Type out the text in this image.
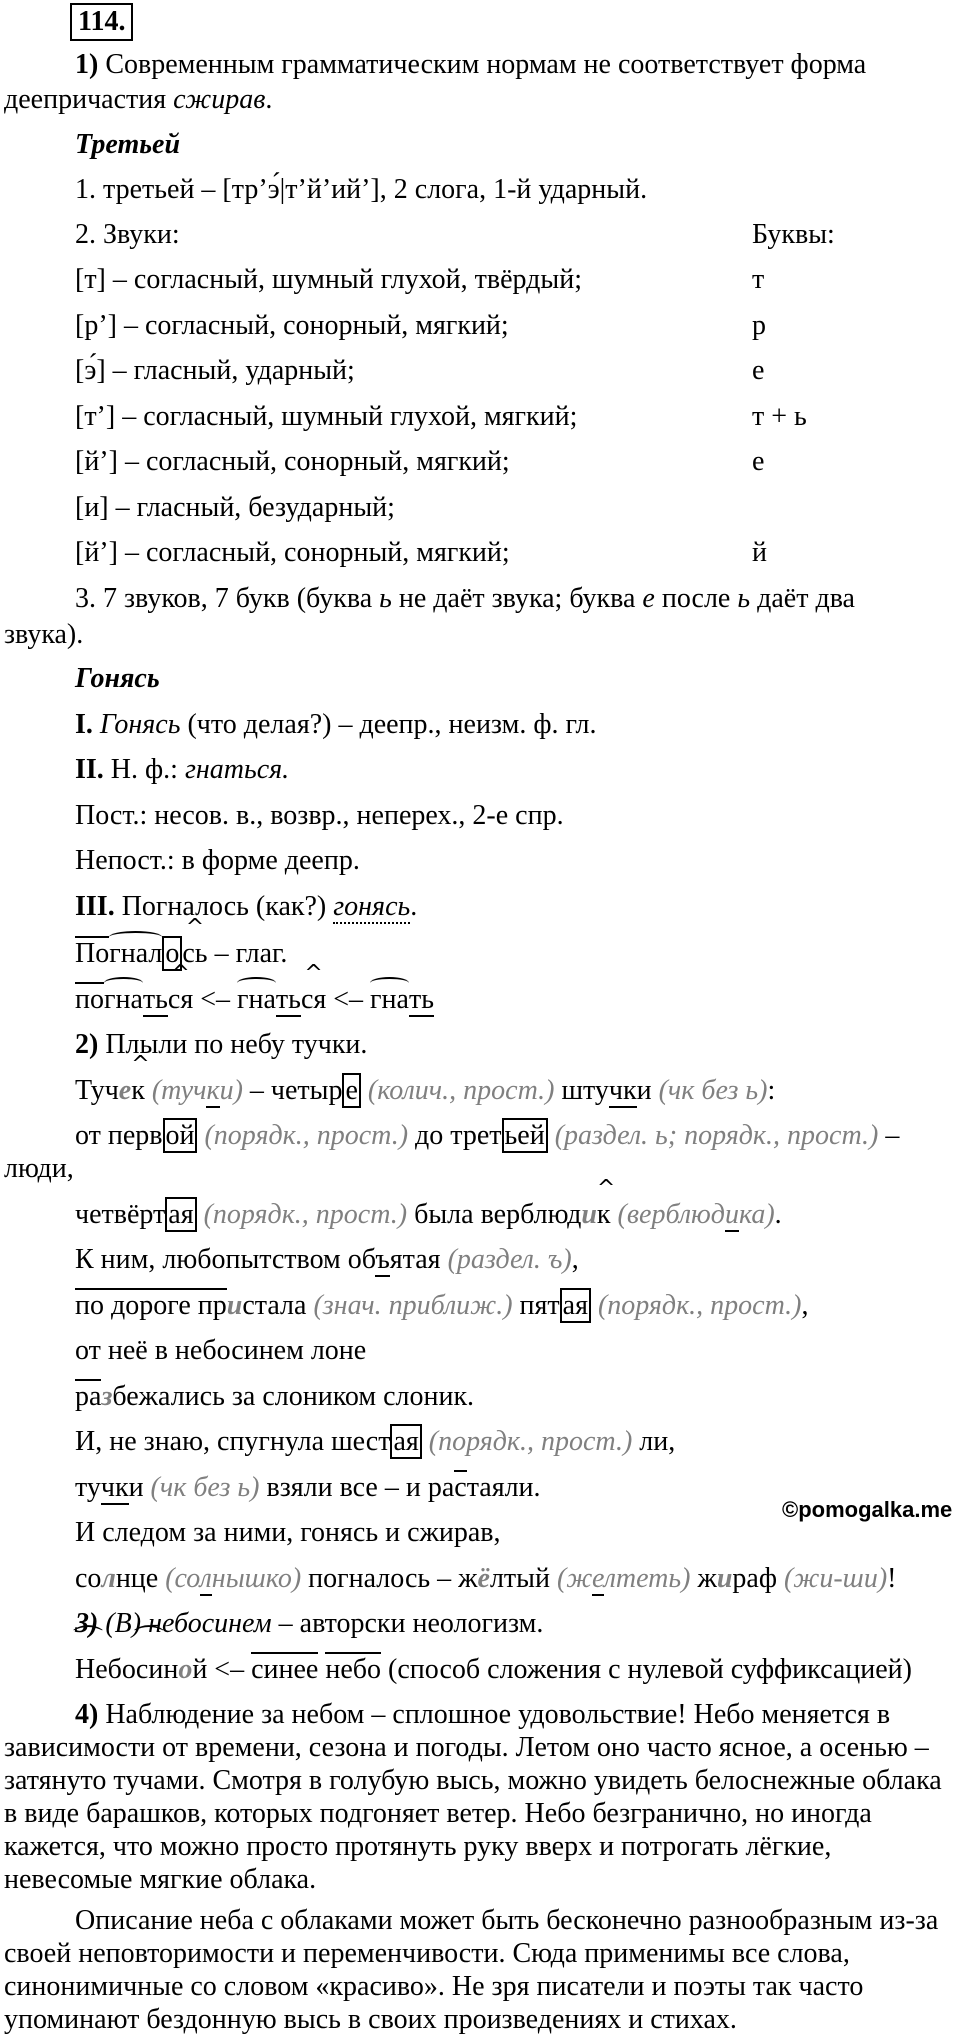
114.
1) Современным грамматическим нормам не соответствует форма
деепричастия сжирав.
Третьей
1. третьей – [тр’э́|т’й’ий’], 2 слога, 1-й ударный.
2. Звуки:	Буквы:
[т] – согласный, шумный глухой, твёрдый;	т
[р’] – согласный, сонорный, мягкий;	р
[э́] – гласный, ударный;	е
[т’] – согласный, шумный глухой, мягкий;	т + ь
[й’] – согласный, сонорный, мягкий;	е
[и] – гласный, безударный;
[й’] – согласный, сонорный, мягкий;	й
3. 7 звуков, 7 букв (буква ь не даёт звука; буква е после ь даёт два
звука).
Гонясь
I. Гонясь (что делая?) – деепр., неизм. ф. гл.
II. Н. ф.: гнаться.
Пост.: несов. в., возвр., неперех., 2-е спр.
Непост.: в форме деепр.
III. Погналось (как?) гонясь.
Погнал о^ сь – глаг.
погнать^ ся <– гнать^ ся <– гнать
2) Плыли по небу тучки.
Туче^ к (тучки) – четыр е (колич., прост.) штучки (чк без ь):
от перв ой (порядк., прост.) до трет ьей (раздел. ь; порядк., прост.) –
люди,
четвёрт ая (порядк., прост.) была верблюди^ к (верблюдика).
К ним, любопытством объятая (раздел. ъ),
по дороге пристала (знач. приближ.) пят ая (порядк., прост.),
от неё в небосинем лоне
разбежались за слоником слоник.
И, не знаю, спугнула шест ая (порядк., прост.) ли,
тучки (чк без ь) взяли все – и растаяли.
И следом за ними, гонясь и сжирав,
©pomogalka.me
солнце (солнышко) погналось – жёлтый (желтеть) жираф (жи-ши)!
3) (В) небосинем – авторски неологизм.
⌒ Небо⌒ синой <– синее небо (способ сложения с нулевой суффиксацией)
4) Наблюдение за небом – сплошное удовольствие! Небо меняется в зависимости от времени, сезона и погоды. Летом оно часто ясное, а осенью – затянуто тучами. Смотря в голубую высь, можно увидеть белоснежные облака в виде барашков, которых подгоняет ветер. Небо безгранично, но иногда кажется, что можно просто протянуть руку вверх и потрогать лёгкие, невесомые мягкие облака.
Описание неба с облаками может быть бесконечно разнообразным из-за своей неповторимости и переменчивости. Сюда применимы все слова, синонимичные со словом «красиво». Не зря писатели и поэты так часто упоминают бездонную высь в своих произведениях и стихах.
